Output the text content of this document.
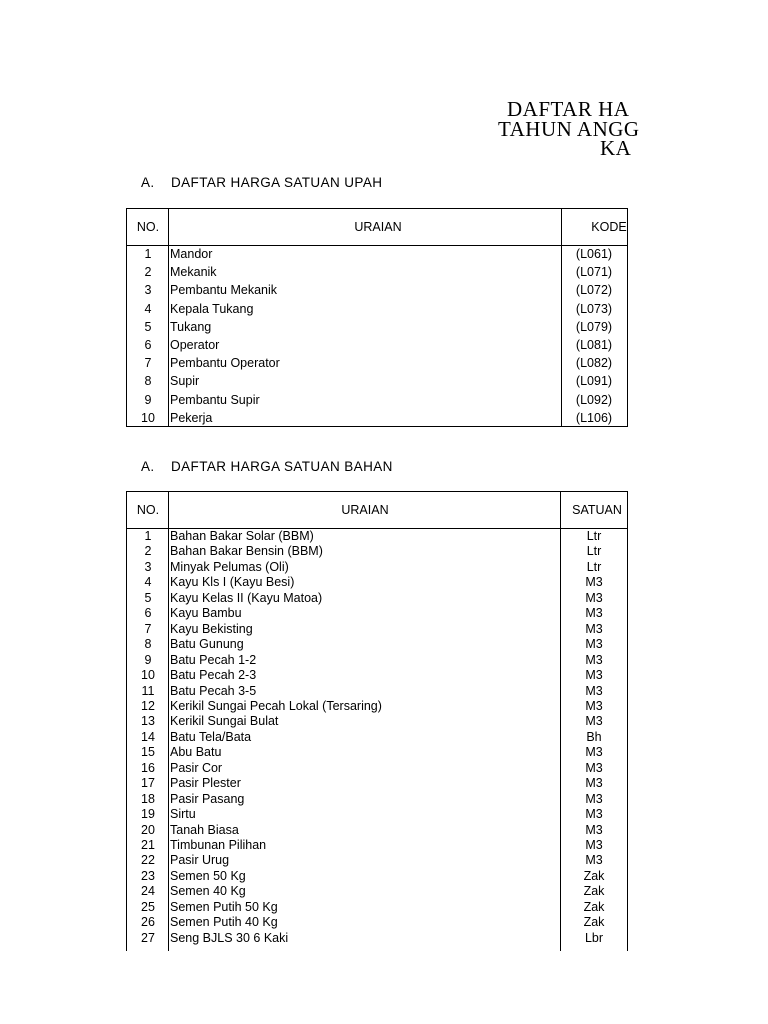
DAFTAR HA
TAHUN ANGG
KA
A. DAFTAR HARGA SATUAN UPAH
NO.	URAIAN	KODE
1	Mandor	(L061)
2	Mekanik	(L071)
3	Pembantu Mekanik	(L072)
4	Kepala Tukang	(L073)
5	Tukang	(L079)
6	Operator	(L081)
7	Pembantu Operator	(L082)
8	Supir	(L091)
9	Pembantu Supir	(L092)
10	Pekerja	(L106)
A. DAFTAR HARGA SATUAN BAHAN
NO.	URAIAN	SATUAN
1	Bahan Bakar Solar (BBM)	Ltr
2	Bahan Bakar Bensin (BBM)	Ltr
3	Minyak Pelumas (Oli)	Ltr
4	Kayu Kls I (Kayu Besi)	M3
5	Kayu Kelas II (Kayu Matoa)	M3
6	Kayu Bambu	M3
7	Kayu Bekisting	M3
8	Batu Gunung	M3
9	Batu Pecah 1-2	M3
10	Batu Pecah 2-3	M3
11	Batu Pecah 3-5	M3
12	Kerikil Sungai Pecah Lokal (Tersaring)	M3
13	Kerikil Sungai Bulat	M3
14	Batu Tela/Bata	Bh
15	Abu Batu	M3
16	Pasir Cor	M3
17	Pasir Plester	M3
18	Pasir Pasang	M3
19	Sirtu	M3
20	Tanah Biasa	M3
21	Timbunan Pilihan	M3
22	Pasir Urug	M3
23	Semen 50 Kg	Zak
24	Semen 40 Kg	Zak
25	Semen Putih 50 Kg	Zak
26	Semen Putih 40 Kg	Zak
27	Seng BJLS 30 6 Kaki	Lbr
